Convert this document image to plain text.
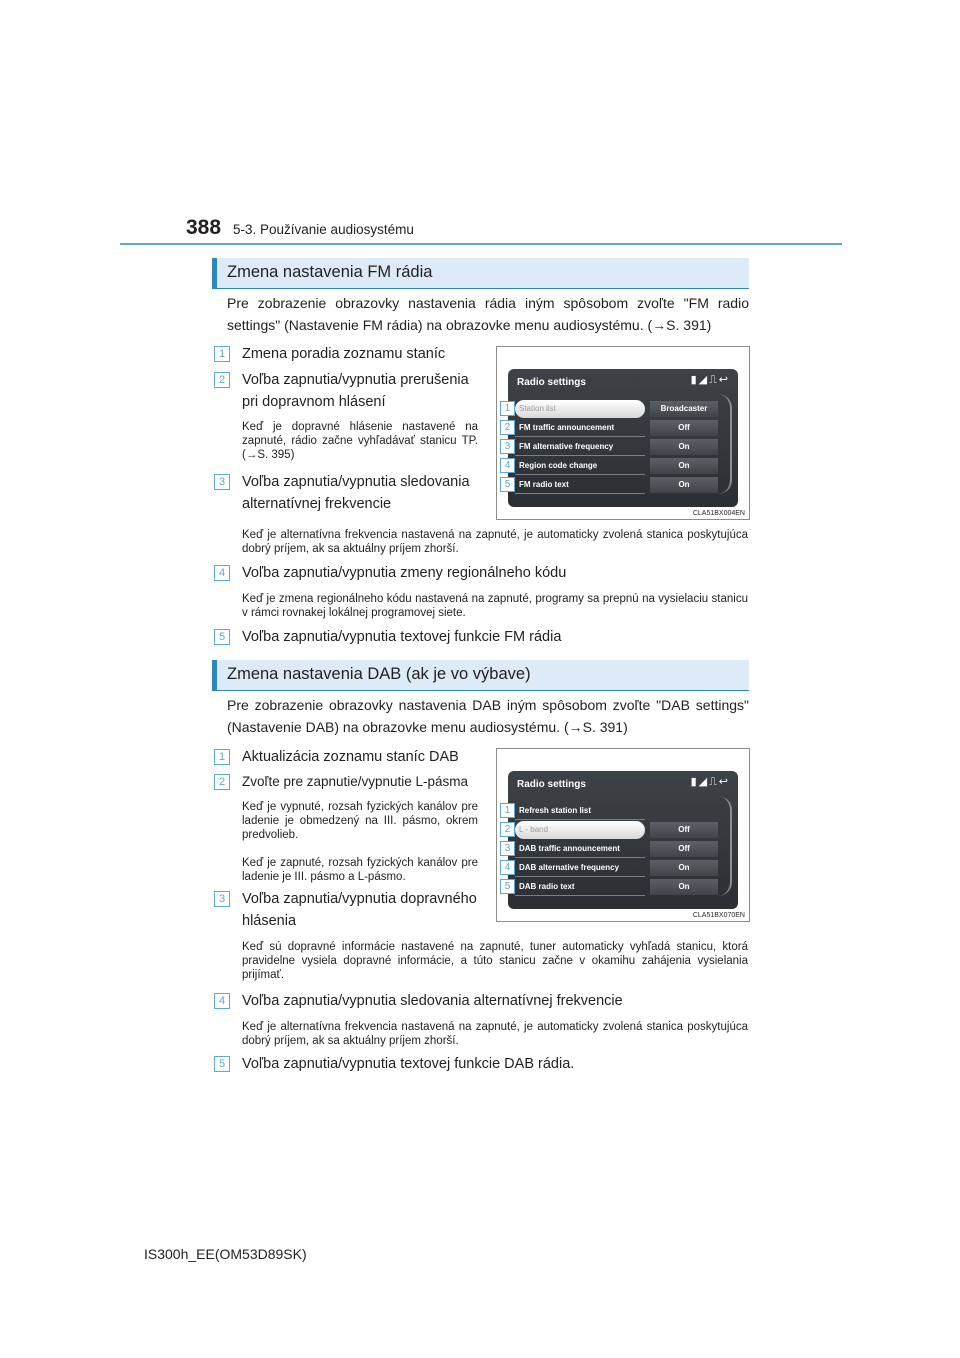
388 5-3. Používanie audiosystému
Zmena nastavenia FM rádia
Pre zobrazenie obrazovky nastavenia rádia iným spôsobom zvoľte "FM radio settings" (Nastavenie FM rádia) na obrazovke menu audiosystému. (→S. 391)
1	Zmena poradia zoznamu staníc
2	Voľba zapnutia/vypnutia prerušenia pri dopravnom hlásení
Keď je dopravné hlásenie nastavené na zapnuté, rádio začne vyhľadávať stanicu TP. (→S. 395)
3	Voľba zapnutia/vypnutia sledovania alternatívnej frekvencie
Keď je alternatívna frekvencia nastavená na zapnuté, je automaticky zvolená stanica poskytujúca dobrý príjem, ak sa aktuálny príjem zhorší.
4	Voľba zapnutia/vypnutia zmeny regionálneho kódu
Keď je zmena regionálneho kódu nastavená na zapnuté, programy sa prepnú na vysielaciu stanicu v rámci rovnakej lokálnej programovej siete.
5	Voľba zapnutia/vypnutia textovej funkcie FM rádia
Radio settings	▮◢⎍↩
Station list	Broadcaster
1
FM traffic announcement	Off
2
FM alternative frequency	On
3
Region code change	On
4
FM radio text	On
5
CLA51BX004EN
Zmena nastavenia DAB (ak je vo výbave)
Pre zobrazenie obrazovky nastavenia DAB iným spôsobom zvoľte "DAB settings" (Nastavenie DAB) na obrazovke menu audiosystému. (→S. 391)
1	Aktualizácia zoznamu staníc DAB
2	Zvoľte pre zapnutie/vypnutie L-pásma
Keď je vypnuté, rozsah fyzických kanálov pre ladenie je obmedzený na III. pásmo, okrem predvolieb.
Keď je zapnuté, rozsah fyzických kanálov pre ladenie je III. pásmo a L-pásmo.
3	Voľba zapnutia/vypnutia dopravného hlásenia
Keď sú dopravné informácie nastavené na zapnuté, tuner automaticky vyhľadá stanicu, ktorá pravidelne vysiela dopravné informácie, a túto stanicu začne v okamihu zahájenia vysielania prijímať.
4	Voľba zapnutia/vypnutia sledovania alternatívnej frekvencie
Keď je alternatívna frekvencia nastavená na zapnuté, je automaticky zvolená stanica poskytujúca dobrý príjem, ak sa aktuálny príjem zhorší.
5	Voľba zapnutia/vypnutia textovej funkcie DAB rádia.
Radio settings	▮◢⎍↩
Refresh station list
1
L - band	Off
2
DAB traffic announcement	Off
3
DAB alternative frequency	On
4
DAB radio text	On
5
CLA51BX070EN
IS300h_EE(OM53D89SK)
